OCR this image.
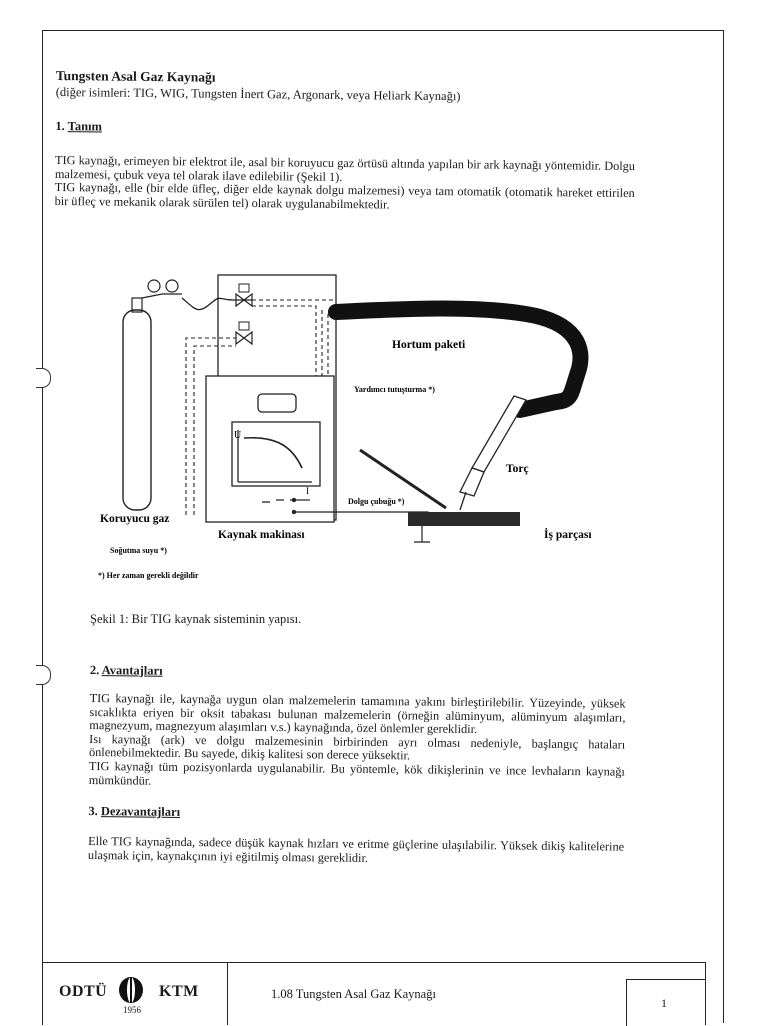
Tungsten Asal Gaz Kaynağı

(diğer isimleri: TIG, WIG, Tungsten İnert Gaz, Argonark, veya Heliark Kaynağı)

1. Tanım

TIG kaynağı, erimeyen bir elektrot ile, asal bir koruyucu gaz örtüsü altında yapılan bir ark kaynağı yöntemidir. Dolgu malzemesi, çubuk veya tel olarak ilave edilebilir (Şekil 1).

TIG kaynağı, elle (bir elde üfleç, diğer elde kaynak dolgu malzemesi) veya tam otomatik (otomatik hareket ettirilen bir üfleç ve mekanik olarak sürülen tel) olarak uygulanabilmektedir.

U
I
Hortum paketi
Yardımcı tutuşturma *)
Torç
Dolgu çubuğu *)
Koruyucu gaz
Kaynak makinası	İş parçası
Soğutma suyu *)
*) Her zaman gerekli değildir
Şekil 1: Bir TIG kaynak sisteminin yapısı.

2. Avantajları

TIG kaynağı ile, kaynağa uygun olan malzemelerin tamamına yakını birleştirilebilir. Yüzeyinde, yüksek sıcaklıkta eriyen bir oksit tabakası bulunan malzemelerin (örneğin alüminyum, alüminyum alaşımları, magnezyum, magnezyum alaşımları v.s.) kaynağında, özel önlemler gereklidir.

Isı kaynağı (ark) ve dolgu malzemesinin birbirinden ayrı olması nedeniyle, başlangıç hataları önlenebilmektedir. Bu sayede, dikiş kalitesi son derece yüksektir.

TIG kaynağı tüm pozisyonlarda uygulanabilir. Bu yöntemle, kök dikişlerinin ve ince levhaların kaynağı mümkündür.

3. Dezavantajları

Elle TIG kaynağında, sadece düşük kaynak hızları ve eritme güçlerine ulaşılabilir. Yüksek dikiş kalitelerine ulaşmak için, kaynakçının iyi eğitilmiş olması gereklidir.

ODTÜ	KTM
1956
1.08 Tungsten Asal Gaz Kaynağı
1
